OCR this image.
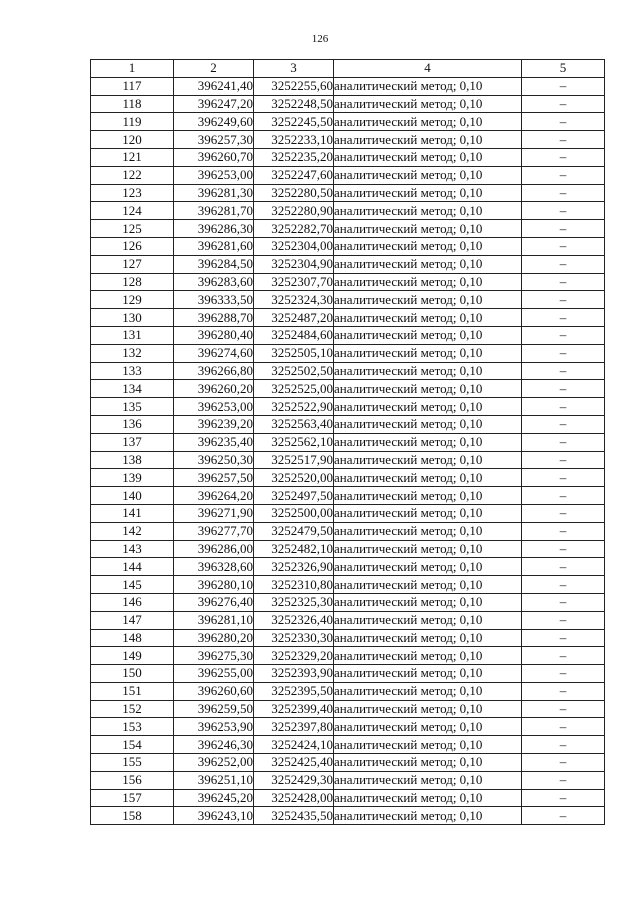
126
1	2	3	4	5
117	396241,40	3252255,60	аналитический метод; 0,10	–
118	396247,20	3252248,50	аналитический метод; 0,10	–
119	396249,60	3252245,50	аналитический метод; 0,10	–
120	396257,30	3252233,10	аналитический метод; 0,10	–
121	396260,70	3252235,20	аналитический метод; 0,10	–
122	396253,00	3252247,60	аналитический метод; 0,10	–
123	396281,30	3252280,50	аналитический метод; 0,10	–
124	396281,70	3252280,90	аналитический метод; 0,10	–
125	396286,30	3252282,70	аналитический метод; 0,10	–
126	396281,60	3252304,00	аналитический метод; 0,10	–
127	396284,50	3252304,90	аналитический метод; 0,10	–
128	396283,60	3252307,70	аналитический метод; 0,10	–
129	396333,50	3252324,30	аналитический метод; 0,10	–
130	396288,70	3252487,20	аналитический метод; 0,10	–
131	396280,40	3252484,60	аналитический метод; 0,10	–
132	396274,60	3252505,10	аналитический метод; 0,10	–
133	396266,80	3252502,50	аналитический метод; 0,10	–
134	396260,20	3252525,00	аналитический метод; 0,10	–
135	396253,00	3252522,90	аналитический метод; 0,10	–
136	396239,20	3252563,40	аналитический метод; 0,10	–
137	396235,40	3252562,10	аналитический метод; 0,10	–
138	396250,30	3252517,90	аналитический метод; 0,10	–
139	396257,50	3252520,00	аналитический метод; 0,10	–
140	396264,20	3252497,50	аналитический метод; 0,10	–
141	396271,90	3252500,00	аналитический метод; 0,10	–
142	396277,70	3252479,50	аналитический метод; 0,10	–
143	396286,00	3252482,10	аналитический метод; 0,10	–
144	396328,60	3252326,90	аналитический метод; 0,10	–
145	396280,10	3252310,80	аналитический метод; 0,10	–
146	396276,40	3252325,30	аналитический метод; 0,10	–
147	396281,10	3252326,40	аналитический метод; 0,10	–
148	396280,20	3252330,30	аналитический метод; 0,10	–
149	396275,30	3252329,20	аналитический метод; 0,10	–
150	396255,00	3252393,90	аналитический метод; 0,10	–
151	396260,60	3252395,50	аналитический метод; 0,10	–
152	396259,50	3252399,40	аналитический метод; 0,10	–
153	396253,90	3252397,80	аналитический метод; 0,10	–
154	396246,30	3252424,10	аналитический метод; 0,10	–
155	396252,00	3252425,40	аналитический метод; 0,10	–
156	396251,10	3252429,30	аналитический метод; 0,10	–
157	396245,20	3252428,00	аналитический метод; 0,10	–
158	396243,10	3252435,50	аналитический метод; 0,10	–
